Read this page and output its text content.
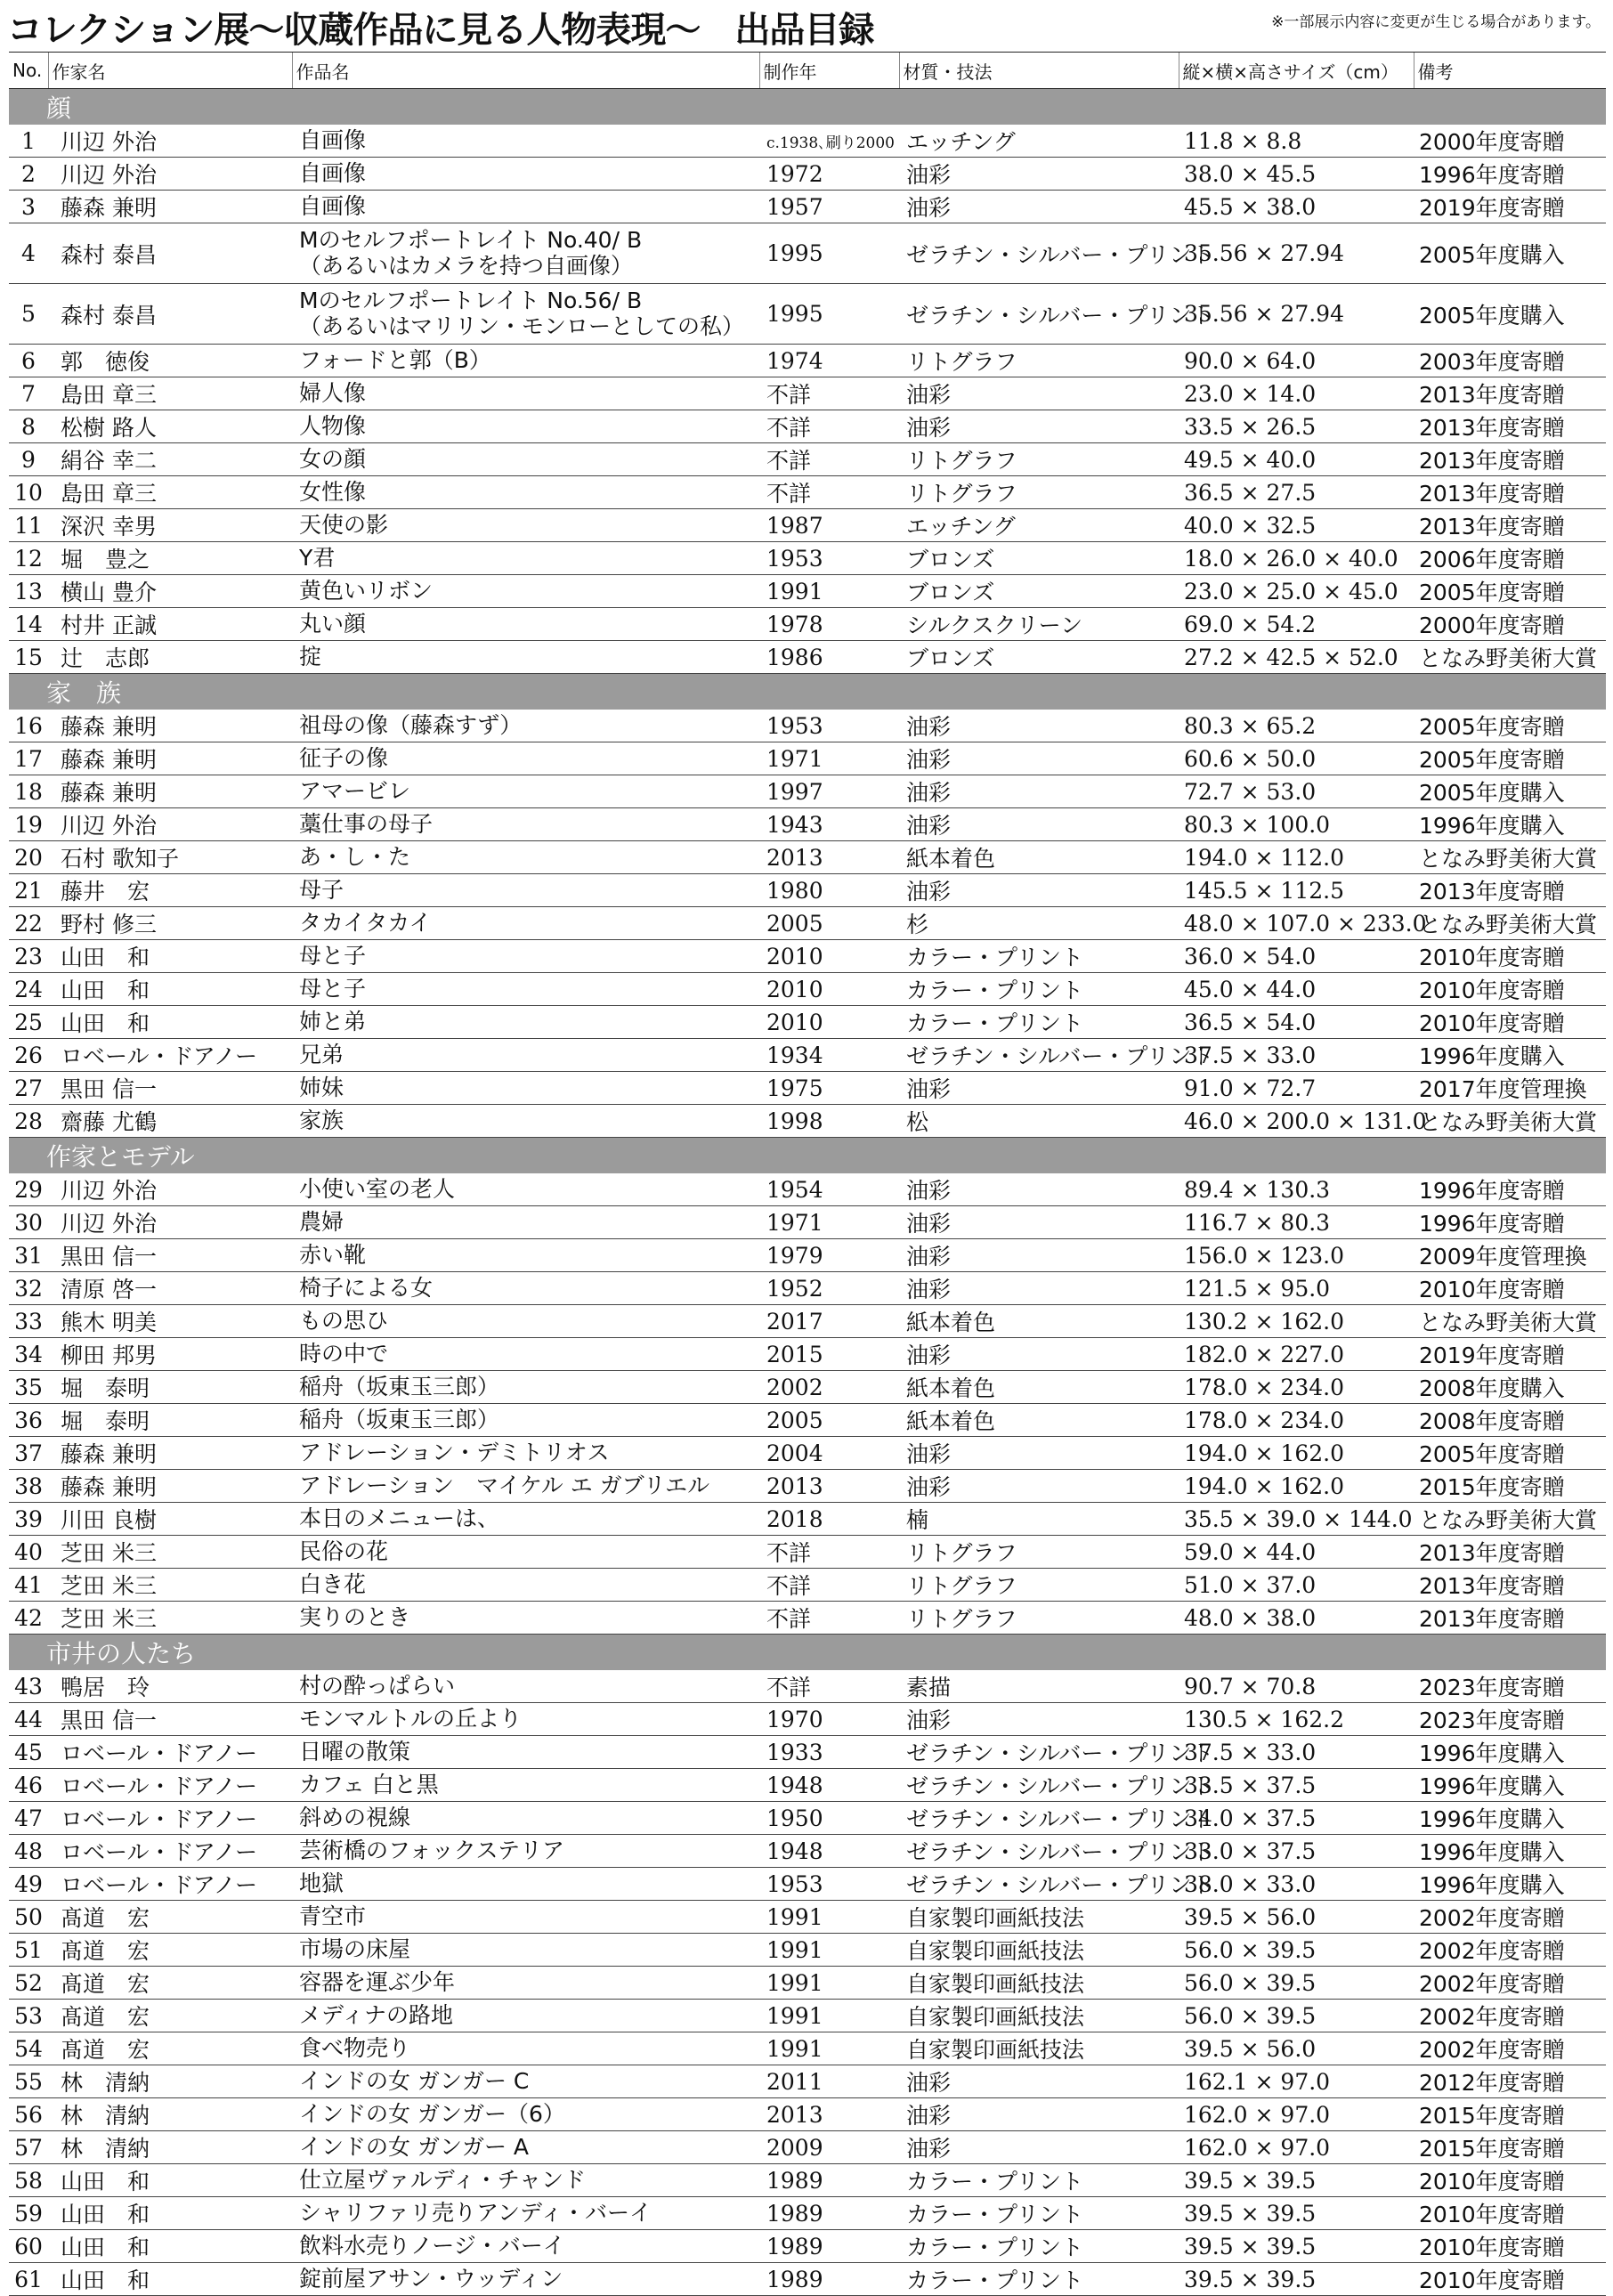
コレクション展～収蔵作品に見る人物表現～　出品目録	※一部展示内容に変更が生じる場合があります。
No.	作家名	作品名	制作年	材質・技法	縦×横×高さサイズ（cm）	備考
顔						
1	川辺 外治	自画像	c.1938､刷り2000	エッチング	11.8 × 8.8	2000年度寄贈
2	川辺 外治	自画像	1972	油彩	38.0 × 45.5	1996年度寄贈
3	藤森 兼明	自画像	1957	油彩	45.5 × 38.0	2019年度寄贈
4	森村 泰昌	Mのセルフポートレイト No.40/ B
（あるいはカメラを持つ自画像）	1995	ゼラチン・シルバー・プリント	35.56 × 27.94	2005年度購入
5	森村 泰昌	Mのセルフポートレイト No.56/ B
（あるいはマリリン・モンローとしての私）	1995	ゼラチン・シルバー・プリント	35.56 × 27.94	2005年度購入
6	郭　徳俊	フォードと郭（B）	1974	リトグラフ	90.0 × 64.0	2003年度寄贈
7	島田 章三	婦人像	不詳	油彩	23.0 × 14.0	2013年度寄贈
8	松樹 路人	人物像	不詳	油彩	33.5 × 26.5	2013年度寄贈
9	絹谷 幸二	女の顔	不詳	リトグラフ	49.5 × 40.0	2013年度寄贈
10	島田 章三	女性像	不詳	リトグラフ	36.5 × 27.5	2013年度寄贈
11	深沢 幸男	天使の影	1987	エッチング	40.0 × 32.5	2013年度寄贈
12	堀　豊之	Y君	1953	ブロンズ	18.0 × 26.0 × 40.0	2006年度寄贈
13	横山 豊介	黄色いリボン	1991	ブロンズ	23.0 × 25.0 × 45.0	2005年度寄贈
14	村井 正誠	丸い顔	1978	シルクスクリーン	69.0 × 54.2	2000年度寄贈
15	辻　志郎	掟	1986	ブロンズ	27.2 × 42.5 × 52.0	となみ野美術大賞
家　族						
16	藤森 兼明	祖母の像（藤森すず）	1953	油彩	80.3 × 65.2	2005年度寄贈
17	藤森 兼明	征子の像	1971	油彩	60.6 × 50.0	2005年度寄贈
18	藤森 兼明	アマービレ	1997	油彩	72.7 × 53.0	2005年度購入
19	川辺 外治	藁仕事の母子	1943	油彩	80.3 × 100.0	1996年度購入
20	石村 歌知子	あ・し・た	2013	紙本着色	194.0 × 112.0	となみ野美術大賞
21	藤井　宏	母子	1980	油彩	145.5 × 112.5	2013年度寄贈
22	野村 修三	タカイタカイ	2005	杉	48.0 × 107.0 × 233.0	となみ野美術大賞
23	山田　和	母と子	2010	カラー・プリント	36.0 × 54.0	2010年度寄贈
24	山田　和	母と子	2010	カラー・プリント	45.0 × 44.0	2010年度寄贈
25	山田　和	姉と弟	2010	カラー・プリント	36.5 × 54.0	2010年度寄贈
26	ロベール・ドアノー	兄弟	1934	ゼラチン・シルバー・プリント	37.5 × 33.0	1996年度購入
27	黒田 信一	姉妹	1975	油彩	91.0 × 72.7	2017年度管理換
28	齋藤 尤鶴	家族	1998	松	46.0 × 200.0 × 131.0	となみ野美術大賞
作家とモデル						
29	川辺 外治	小使い室の老人	1954	油彩	89.4 × 130.3	1996年度寄贈
30	川辺 外治	農婦	1971	油彩	116.7 × 80.3	1996年度寄贈
31	黒田 信一	赤い靴	1979	油彩	156.0 × 123.0	2009年度管理換
32	清原 啓一	椅子による女	1952	油彩	121.5 × 95.0	2010年度寄贈
33	熊木 明美	もの思ひ	2017	紙本着色	130.2 × 162.0	となみ野美術大賞
34	柳田 邦男	時の中で	2015	油彩	182.0 × 227.0	2019年度寄贈
35	堀　泰明	稲舟（坂東玉三郎）	2002	紙本着色	178.0 × 234.0	2008年度購入
36	堀　泰明	稲舟（坂東玉三郎）	2005	紙本着色	178.0 × 234.0	2008年度寄贈
37	藤森 兼明	アドレーション・デミトリオス	2004	油彩	194.0 × 162.0	2005年度寄贈
38	藤森 兼明	アドレーション　マイケル エ ガブリエル	2013	油彩	194.0 × 162.0	2015年度寄贈
39	川田 良樹	本日のメニューは、	2018	楠	35.5 × 39.0 × 144.0	となみ野美術大賞
40	芝田 米三	民俗の花	不詳	リトグラフ	59.0 × 44.0	2013年度寄贈
41	芝田 米三	白き花	不詳	リトグラフ	51.0 × 37.0	2013年度寄贈
42	芝田 米三	実りのとき	不詳	リトグラフ	48.0 × 38.0	2013年度寄贈
市井の人たち						
43	鴨居　玲	村の酔っぱらい	不詳	素描	90.7 × 70.8	2023年度寄贈
44	黒田 信一	モンマルトルの丘より	1970	油彩	130.5 × 162.2	2023年度寄贈
45	ロベール・ドアノー	日曜の散策	1933	ゼラチン・シルバー・プリント	37.5 × 33.0	1996年度購入
46	ロベール・ドアノー	カフェ 白と黒	1948	ゼラチン・シルバー・プリント	33.5 × 37.5	1996年度購入
47	ロベール・ドアノー	斜めの視線	1950	ゼラチン・シルバー・プリント	34.0 × 37.5	1996年度購入
48	ロベール・ドアノー	芸術橋のフォックステリア	1948	ゼラチン・シルバー・プリント	33.0 × 37.5	1996年度購入
49	ロベール・ドアノー	地獄	1953	ゼラチン・シルバー・プリント	38.0 × 33.0	1996年度購入
50	髙道　宏	青空市	1991	自家製印画紙技法	39.5 × 56.0	2002年度寄贈
51	髙道　宏	市場の床屋	1991	自家製印画紙技法	56.0 × 39.5	2002年度寄贈
52	髙道　宏	容器を運ぶ少年	1991	自家製印画紙技法	56.0 × 39.5	2002年度寄贈
53	髙道　宏	メディナの路地	1991	自家製印画紙技法	56.0 × 39.5	2002年度寄贈
54	髙道　宏	食べ物売り	1991	自家製印画紙技法	39.5 × 56.0	2002年度寄贈
55	林　清納	インドの女 ガンガー C	2011	油彩	162.1 × 97.0	2012年度寄贈
56	林　清納	インドの女 ガンガー（6）	2013	油彩	162.0 × 97.0	2015年度寄贈
57	林　清納	インドの女 ガンガー A	2009	油彩	162.0 × 97.0	2015年度寄贈
58	山田　和	仕立屋ヴァルディ・チャンド	1989	カラー・プリント	39.5 × 39.5	2010年度寄贈
59	山田　和	シャリファリ売りアンディ・バーイ	1989	カラー・プリント	39.5 × 39.5	2010年度寄贈
60	山田　和	飲料水売りノージ・バーイ	1989	カラー・プリント	39.5 × 39.5	2010年度寄贈
61	山田　和	錠前屋アサン・ウッディン	1989	カラー・プリント	39.5 × 39.5	2010年度寄贈
